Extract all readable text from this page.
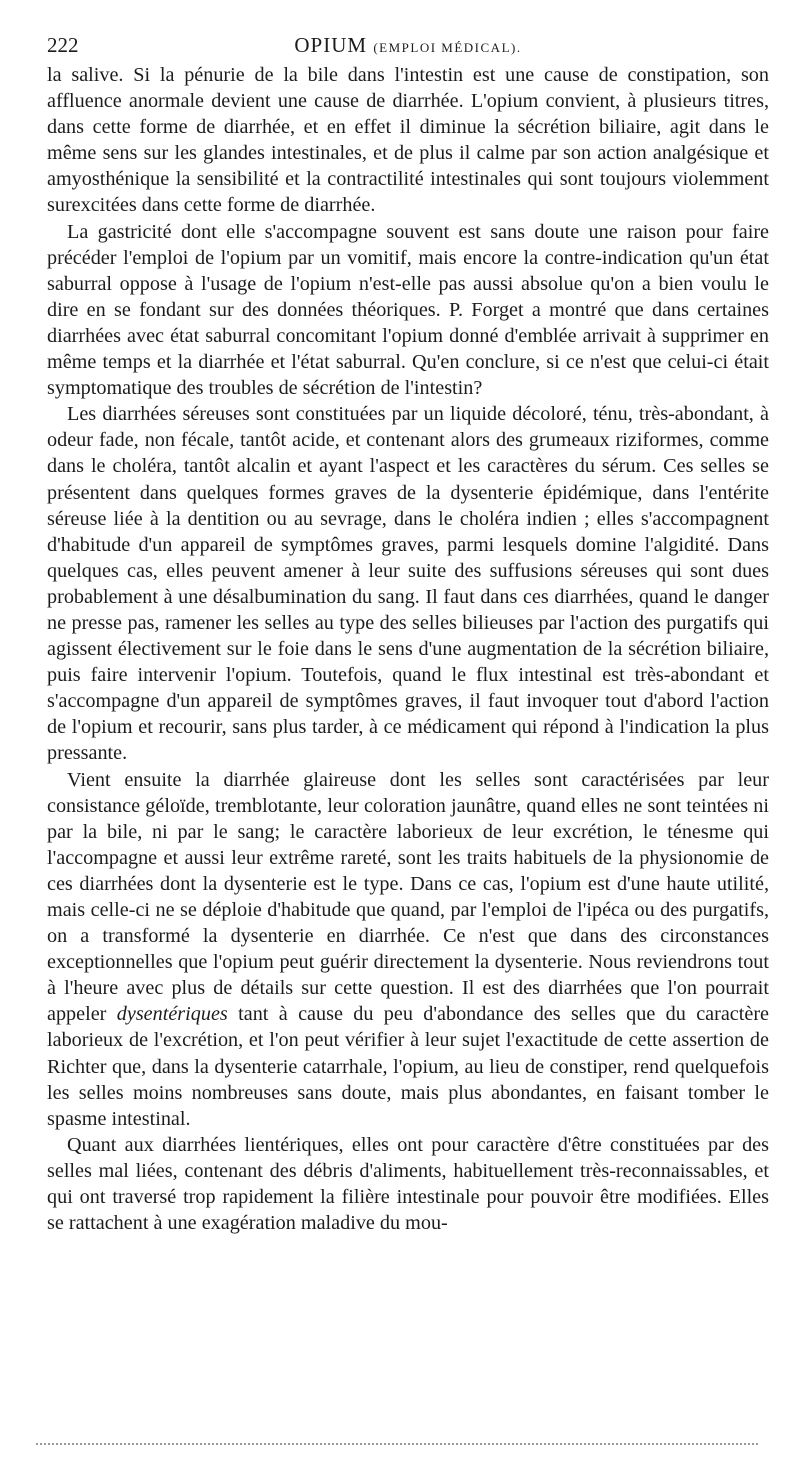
222	OPIUM (EMPLOI MÉDICAL).

la salive. Si la pénurie de la bile dans l'intestin est une cause de constipation, son affluence anormale devient une cause de diarrhée. L'opium convient, à plusieurs titres, dans cette forme de diarrhée, et en effet il diminue la sécrétion biliaire, agit dans le même sens sur les glandes intestinales, et de plus il calme par son action analgésique et amyosthénique la sensibilité et la contractilité intestinales qui sont toujours violemment surexcitées dans cette forme de diarrhée.

La gastricité dont elle s'accompagne souvent est sans doute une raison pour faire précéder l'emploi de l'opium par un vomitif, mais encore la contre-indication qu'un état saburral oppose à l'usage de l'opium n'est-elle pas aussi absolue qu'on a bien voulu le dire en se fondant sur des données théoriques. P. Forget a montré que dans certaines diarrhées avec état saburral concomitant l'opium donné d'emblée arrivait à supprimer en même temps et la diarrhée et l'état saburral. Qu'en conclure, si ce n'est que celui-ci était symptomatique des troubles de sécrétion de l'intestin?

Les diarrhées séreuses sont constituées par un liquide décoloré, ténu, très-abondant, à odeur fade, non fécale, tantôt acide, et contenant alors des grumeaux riziformes, comme dans le choléra, tantôt alcalin et ayant l'aspect et les caractères du sérum. Ces selles se présentent dans quelques formes graves de la dysenterie épidémique, dans l'entérite séreuse liée à la dentition ou au sevrage, dans le choléra indien ; elles s'accompagnent d'habitude d'un appareil de symptômes graves, parmi lesquels domine l'algidité. Dans quelques cas, elles peuvent amener à leur suite des suffusions séreuses qui sont dues probablement à une désalbumination du sang. Il faut dans ces diarrhées, quand le danger ne presse pas, ramener les selles au type des selles bilieuses par l'action des purgatifs qui agissent électivement sur le foie dans le sens d'une augmentation de la sécrétion biliaire, puis faire intervenir l'opium. Toutefois, quand le flux intestinal est très-abondant et s'accompagne d'un appareil de symptômes graves, il faut invoquer tout d'abord l'action de l'opium et recourir, sans plus tarder, à ce médicament qui répond à l'indication la plus pressante.

Vient ensuite la diarrhée glaireuse dont les selles sont caractérisées par leur consistance géloïde, tremblotante, leur coloration jaunâtre, quand elles ne sont teintées ni par la bile, ni par le sang; le caractère laborieux de leur excrétion, le ténesme qui l'accompagne et aussi leur extrême rareté, sont les traits habituels de la physionomie de ces diarrhées dont la dysenterie est le type. Dans ce cas, l'opium est d'une haute utilité, mais celle-ci ne se déploie d'habitude que quand, par l'emploi de l'ipéca ou des purgatifs, on a transformé la dysenterie en diarrhée. Ce n'est que dans des circonstances exceptionnelles que l'opium peut guérir directement la dysenterie. Nous reviendrons tout à l'heure avec plus de détails sur cette question. Il est des diarrhées que l'on pourrait appeler dysentériques tant à cause du peu d'abondance des selles que du caractère laborieux de l'excrétion, et l'on peut vérifier à leur sujet l'exactitude de cette assertion de Richter que, dans la dysenterie catarrhale, l'opium, au lieu de constiper, rend quelquefois les selles moins nombreuses sans doute, mais plus abondantes, en faisant tomber le spasme intestinal.

Quant aux diarrhées lientériques, elles ont pour caractère d'être constituées par des selles mal liées, contenant des débris d'aliments, habituellement très-reconnaissables, et qui ont traversé trop rapidement la filière intestinale pour pouvoir être modifiées. Elles se rattachent à une exagération maladive du mou-
